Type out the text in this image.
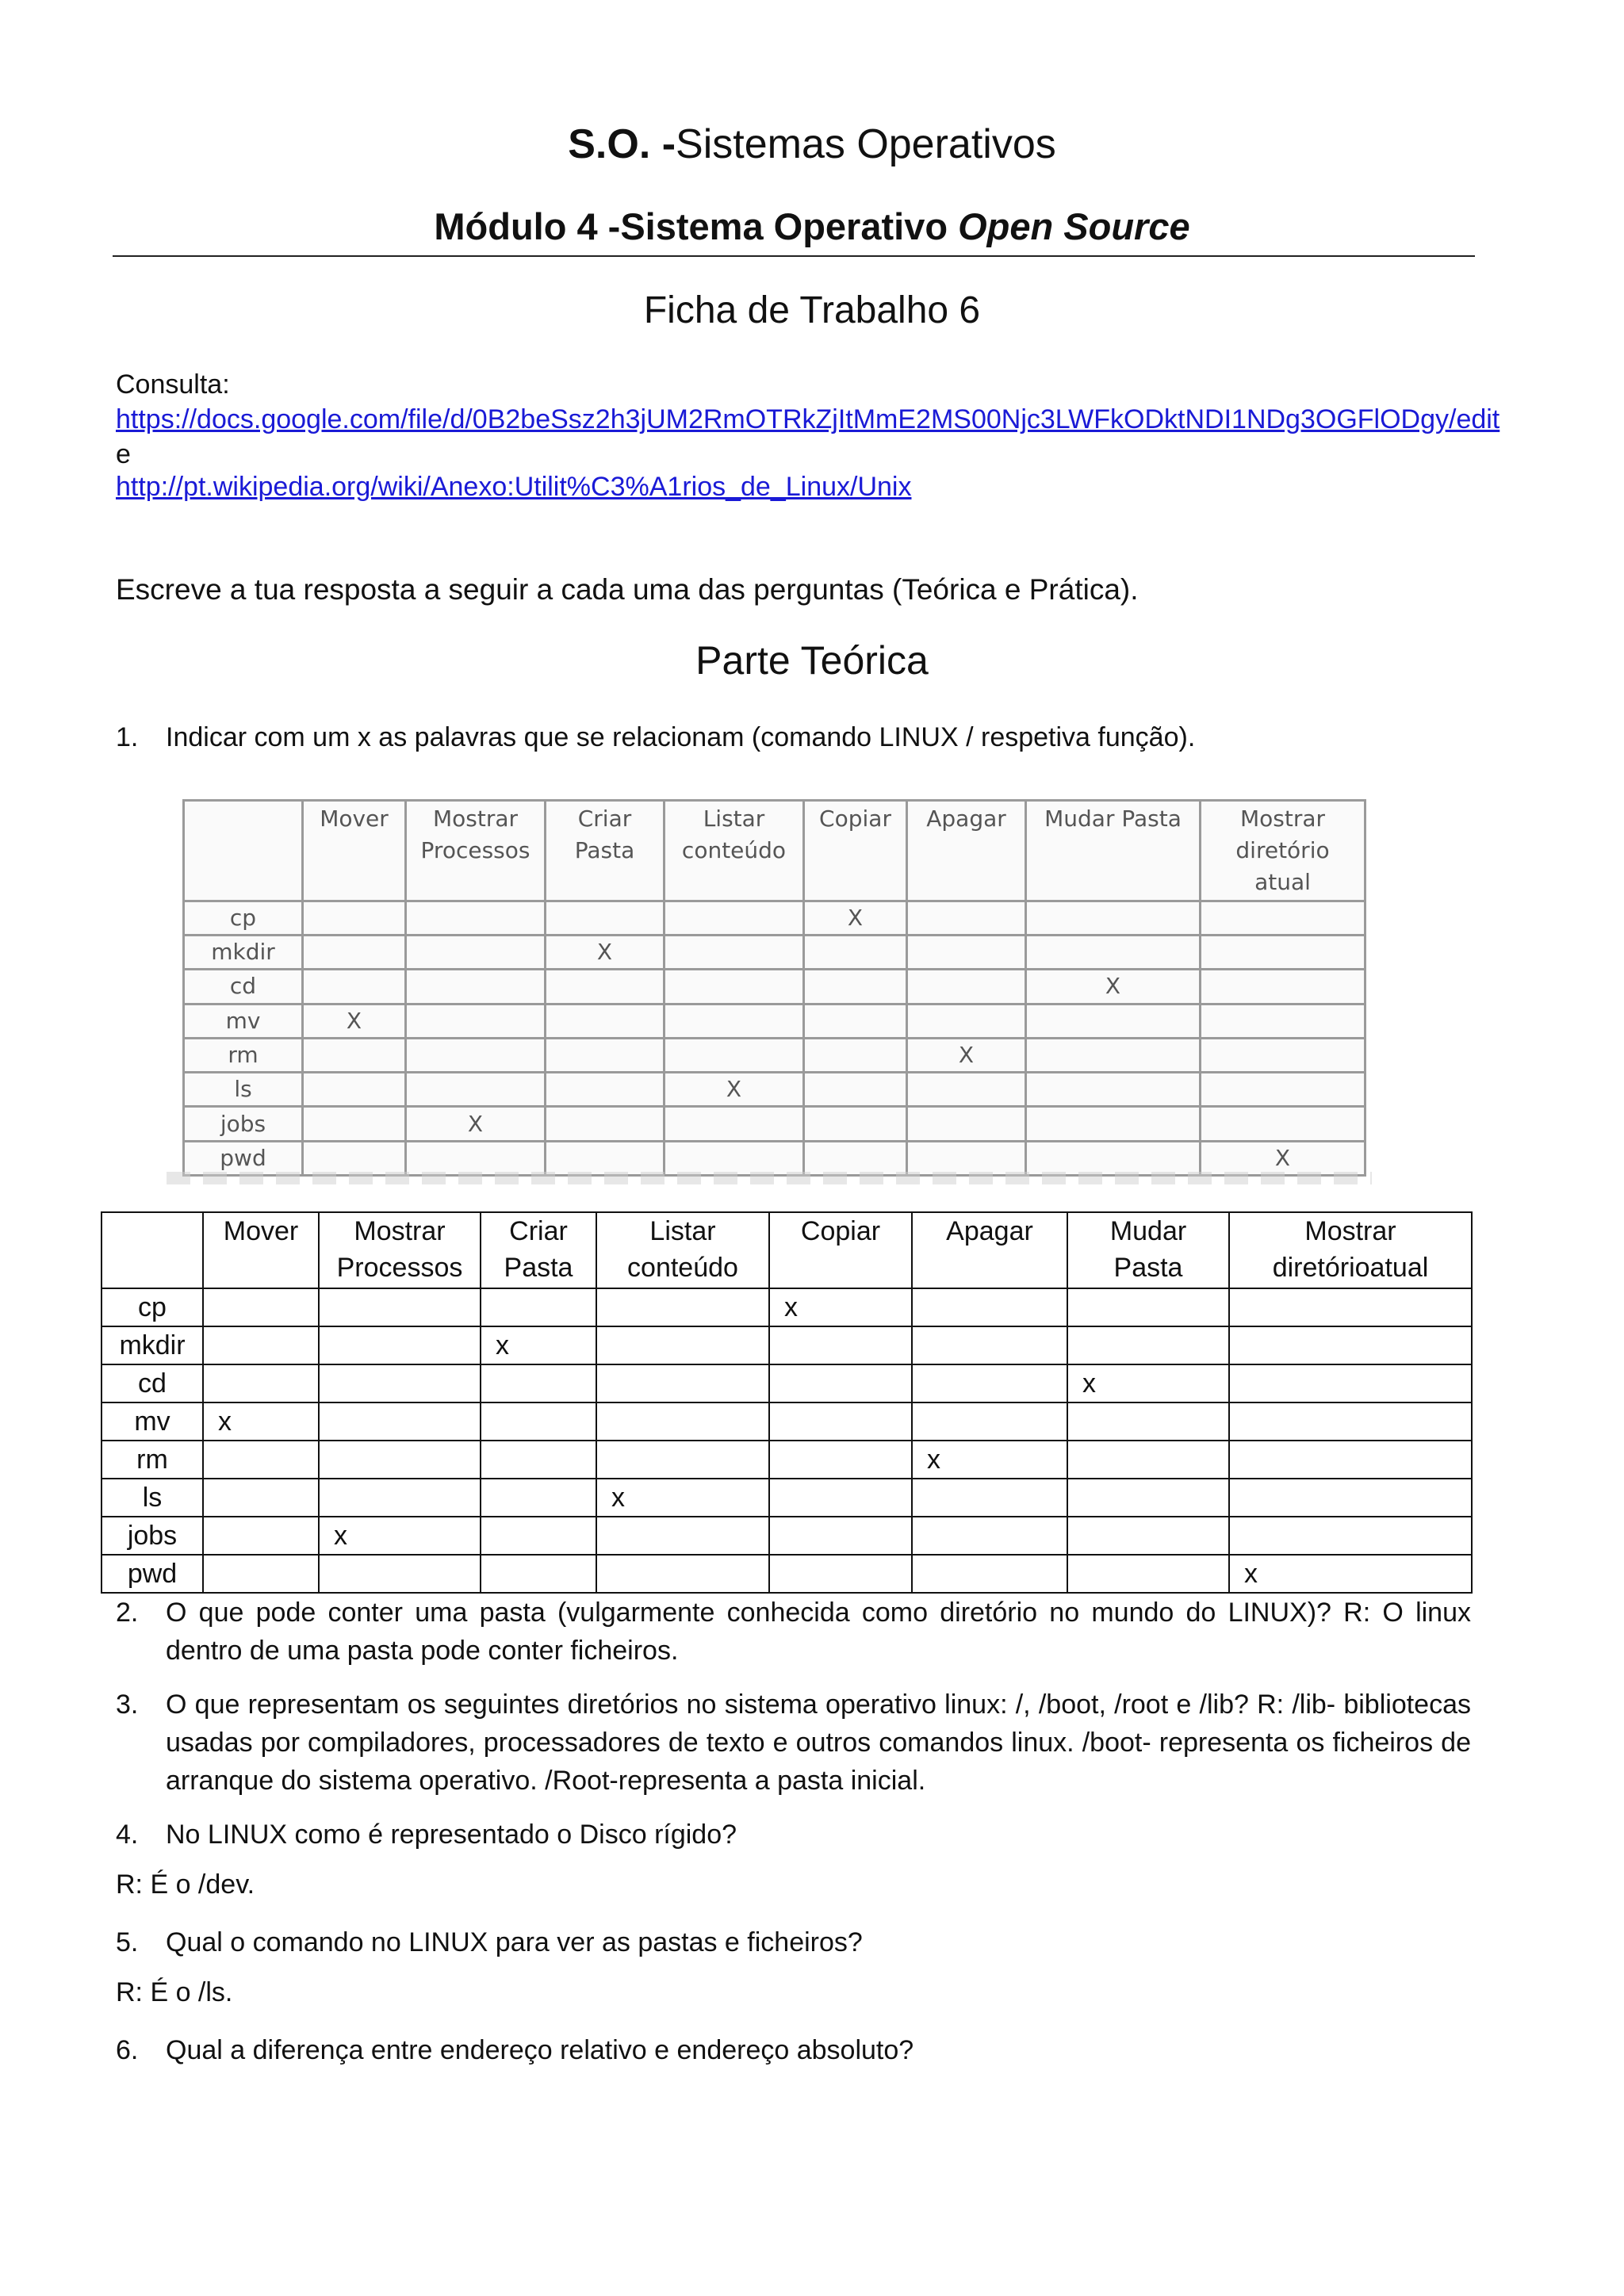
S.O. -Sistemas Operativos
Módulo 4 -Sistema Operativo Open Source
Ficha de Trabalho 6
Consulta:
https://docs.google.com/file/d/0B2beSsz2h3jUM2RmOTRkZjItMmE2MS00Njc3LWFkODktNDI1NDg3OGFlODgy/edit
e
http://pt.wikipedia.org/wiki/Anexo:Utilit%C3%A1rios_de_Linux/Unix
Escreve a tua resposta a seguir a cada uma das perguntas (Teórica e Prática).
Parte Teórica
1. Indicar com um x as palavras que se relacionam (comando LINUX / respetiva função).
	Mover	Mostrar
Processos	Criar
Pasta	Listar
conteúdo	Copiar	Apagar	Mudar Pasta	Mostrar
diretório
atual
cp					X			
mkdir			X					
cd							X	
mv	X							
rm						X		
ls				X				
jobs		X						
pwd								X
	Mover	Mostrar
Processos	Criar
Pasta	Listar
conteúdo	Copiar	Apagar	Mudar
Pasta	Mostrar
diretórioatual
cp					x			
mkdir			x					
cd							x	
mv	x							
rm						x		
ls				x				
jobs		x						
pwd								x
2. O que pode conter uma pasta (vulgarmente conhecida como diretório no mundo do LINUX)? R: O linux dentro de uma pasta pode conter ficheiros.
3. O que representam os seguintes diretórios no sistema operativo linux: /, /boot, /root e /lib? R: /lib- bibliotecas usadas por compiladores, processadores de texto e outros comandos linux. /boot- representa os ficheiros de arranque do sistema operativo. /Root-representa a pasta inicial.
4. No LINUX como é representado o Disco rígido?
R: É o /dev.
5. Qual o comando no LINUX para ver as pastas e ficheiros?
R: É o /ls.
6. Qual a diferença entre endereço relativo e endereço absoluto?
